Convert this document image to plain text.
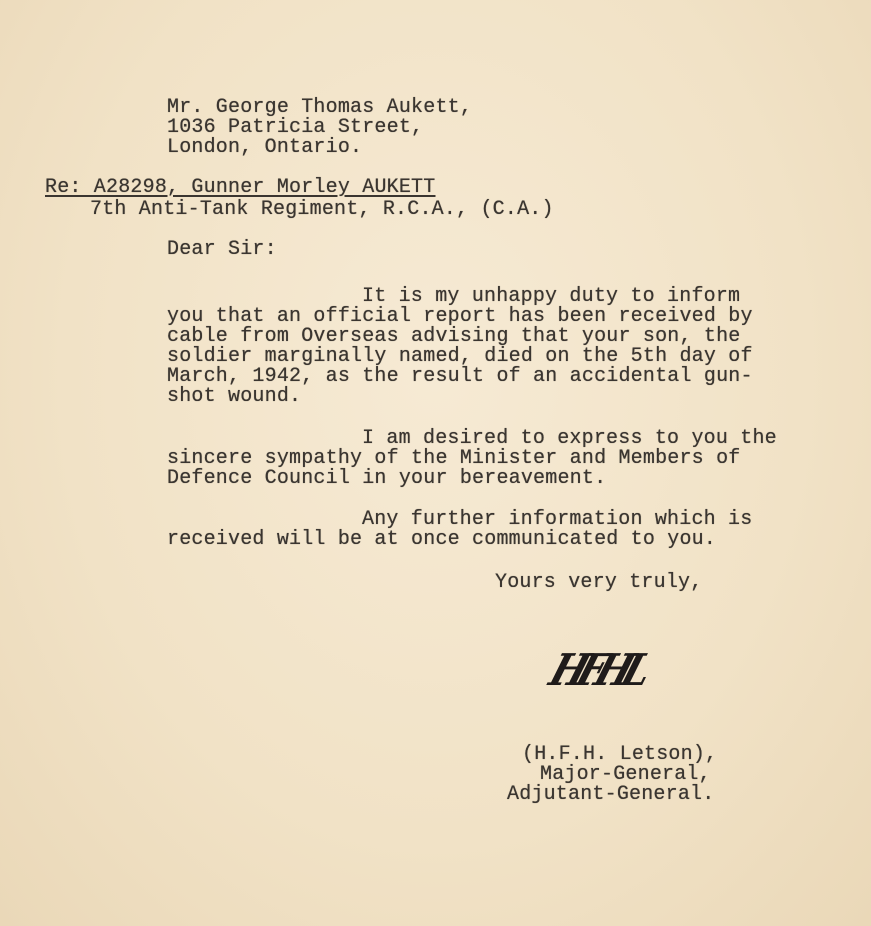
Mr. George Thomas Aukett,
1036 Patricia Street,
London, Ontario.
Re: A28298, Gunner Morley AUKETT
7th Anti-Tank Regiment, R.C.A., (C.A.)
Dear Sir:
It is my unhappy duty to inform
you that an official report has been received by
cable from Overseas advising that your son, the
soldier marginally named, died on the 5th day of
March, 1942, as the result of an accidental gun-
shot wound.
I am desired to express to you the
sincere sympathy of the Minister and Members of
Defence Council in your bereavement.
Any further information which is
received will be at once communicated to you.
Yours very truly,
HFHL
(H.F.H. Letson),
Major-General,
Adjutant-General.
